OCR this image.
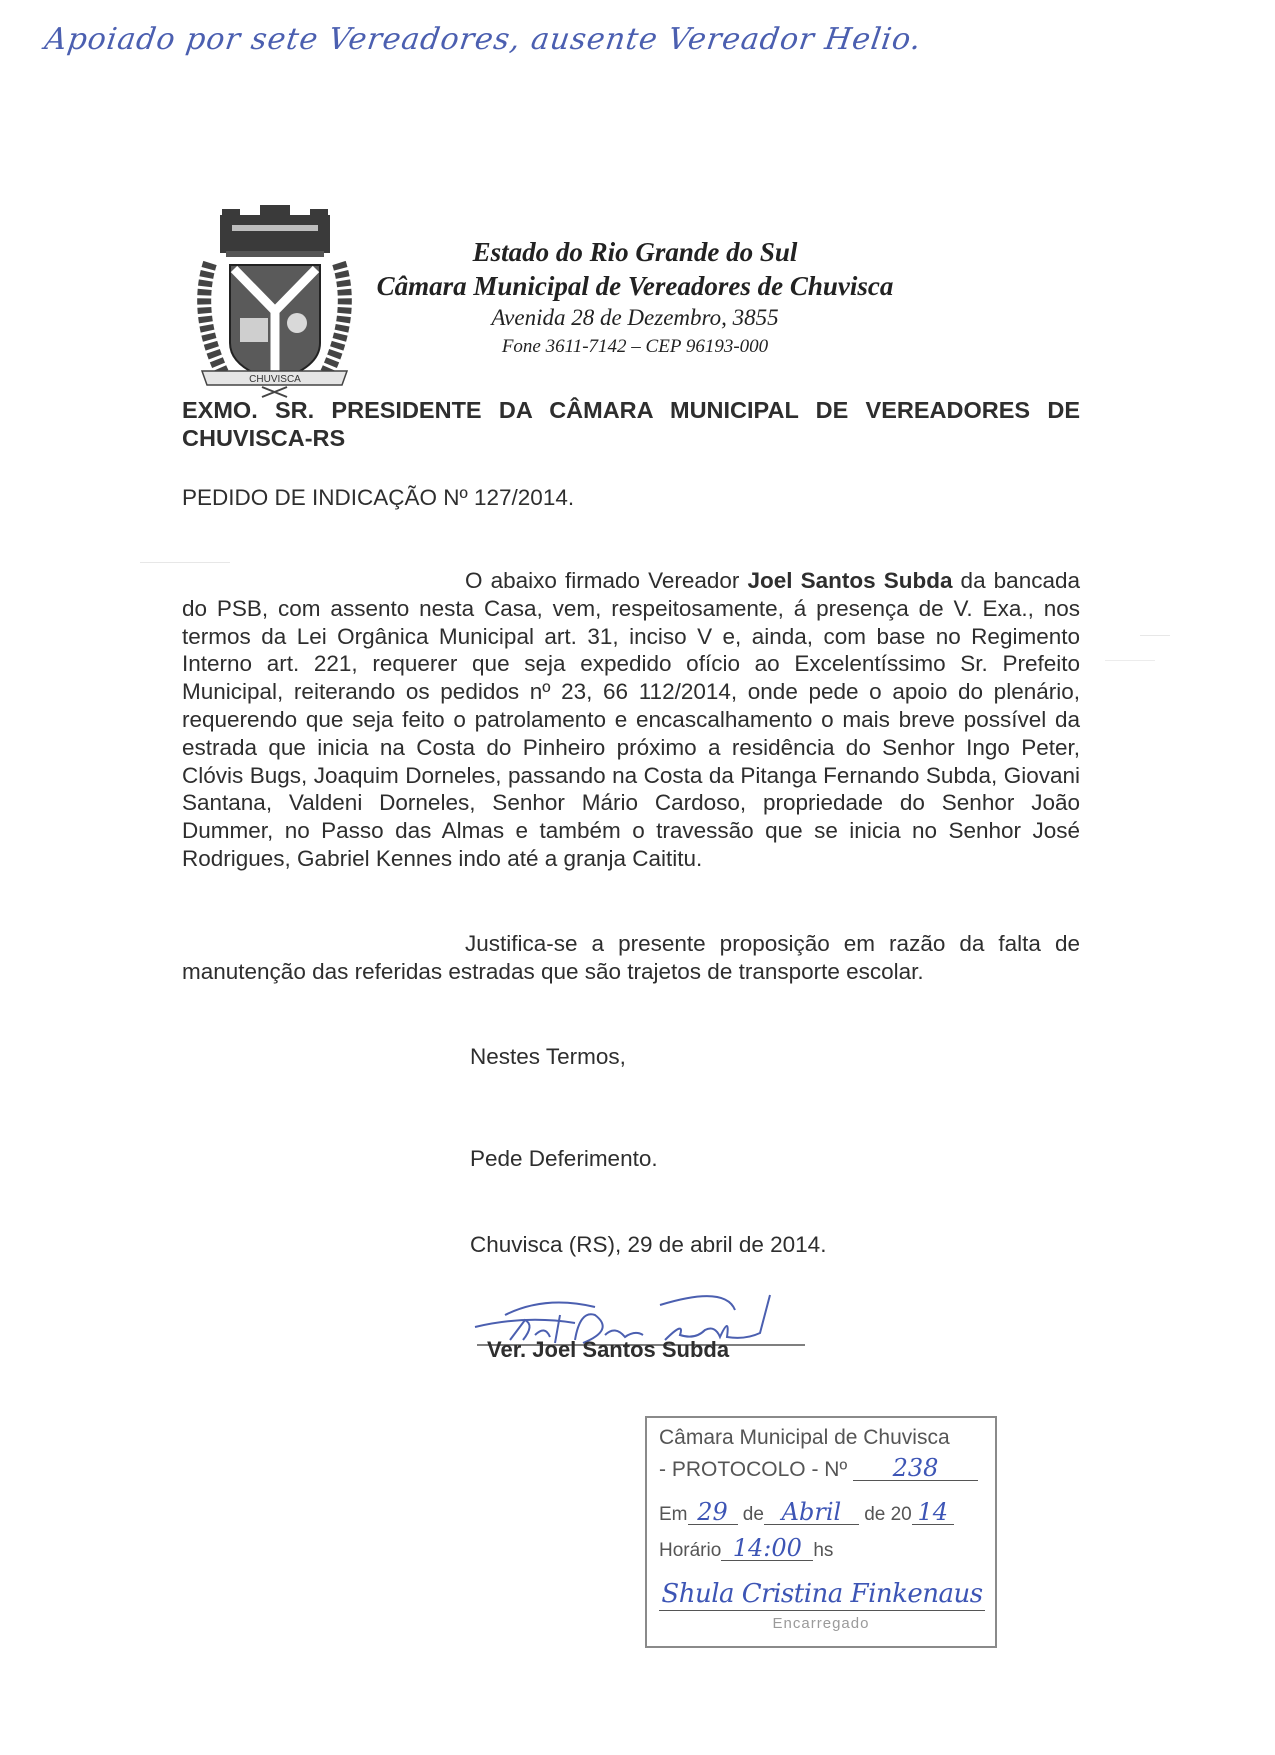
Apoiado por sete Vereadores, ausente Vereador Helio.
CHUVISCA
Estado do Rio Grande do Sul
Câmara Municipal de Vereadores de Chuvisca
Avenida 28 de Dezembro, 3855
Fone 3611-7142 – CEP 96193-000
EXMO. SR. PRESIDENTE DA CÂMARA MUNICIPAL DE VEREADORES DE CHUVISCA-RS
PEDIDO DE INDICAÇÃO Nº 127/2014.
O abaixo firmado Vereador Joel Santos Subda da bancada do PSB, com assento nesta Casa, vem, respeitosamente, á presença de V. Exa., nos termos da Lei Orgânica Municipal art. 31, inciso V e, ainda, com base no Regimento Interno art. 221, requerer que seja expedido ofício ao Excelentíssimo Sr. Prefeito Municipal, reiterando os pedidos nº 23, 66 112/2014, onde pede o apoio do plenário, requerendo que seja feito o patrolamento e encascalhamento o mais breve possível da estrada que inicia na Costa do Pinheiro próximo a residência do Senhor Ingo Peter, Clóvis Bugs, Joaquim Dorneles, passando na Costa da Pitanga Fernando Subda, Giovani Santana, Valdeni Dorneles, Senhor Mário Cardoso, propriedade do Senhor João Dummer, no Passo das Almas e também o travessão que se inicia no Senhor José Rodrigues, Gabriel Kennes indo até a granja Caititu.
Justifica-se a presente proposição em razão da falta de manutenção das referidas estradas que são trajetos de transporte escolar.
Nestes Termos,
Pede Deferimento.
Chuvisca (RS), 29 de abril de 2014.
Ver. Joel Santos Subda
Câmara Municipal de Chuvisca
- PROTOCOLO - Nº 238
Em 29 de Abril de 20 14
Horário 14:00 hs
Shula Cristina Finkenaus
Encarregado
